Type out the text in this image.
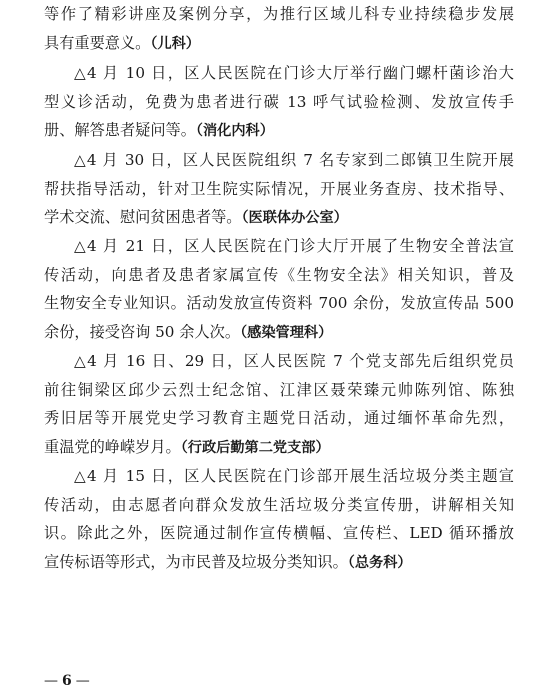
等作了精彩讲座及案例分享，为推行区域儿科专业持续稳步发展
具有重要意义。（儿科）

△4 月 10 日，区人民医院在门诊大厅举行幽门螺杆菌诊治大
型义诊活动，免费为患者进行碳 13 呼气试验检测、发放宣传手
册、解答患者疑问等。（消化内科）

△4 月 30 日，区人民医院组织 7 名专家到二郎镇卫生院开展
帮扶指导活动，针对卫生院实际情况，开展业务查房、技术指导、
学术交流、慰问贫困患者等。（医联体办公室）

△4 月 21 日，区人民医院在门诊大厅开展了生物安全普法宣
传活动，向患者及患者家属宣传《生物安全法》相关知识，普及
生物安全专业知识。活动发放宣传资料 700 余份，发放宣传品 500
余份，接受咨询 50 余人次。（感染管理科）

△4 月 16 日、29 日，区人民医院 7 个党支部先后组织党员
前往铜梁区邱少云烈士纪念馆、江津区聂荣臻元帅陈列馆、陈独
秀旧居等开展党史学习教育主题党日活动，通过缅怀革命先烈，
重温党的峥嵘岁月。（行政后勤第二党支部）

△4 月 15 日，区人民医院在门诊部开展生活垃圾分类主题宣
传活动，由志愿者向群众发放生活垃圾分类宣传册，讲解相关知
识。除此之外，医院通过制作宣传横幅、宣传栏、LED 循环播放
宣传标语等形式，为市民普及垃圾分类知识。（总务科）

— 6 —
